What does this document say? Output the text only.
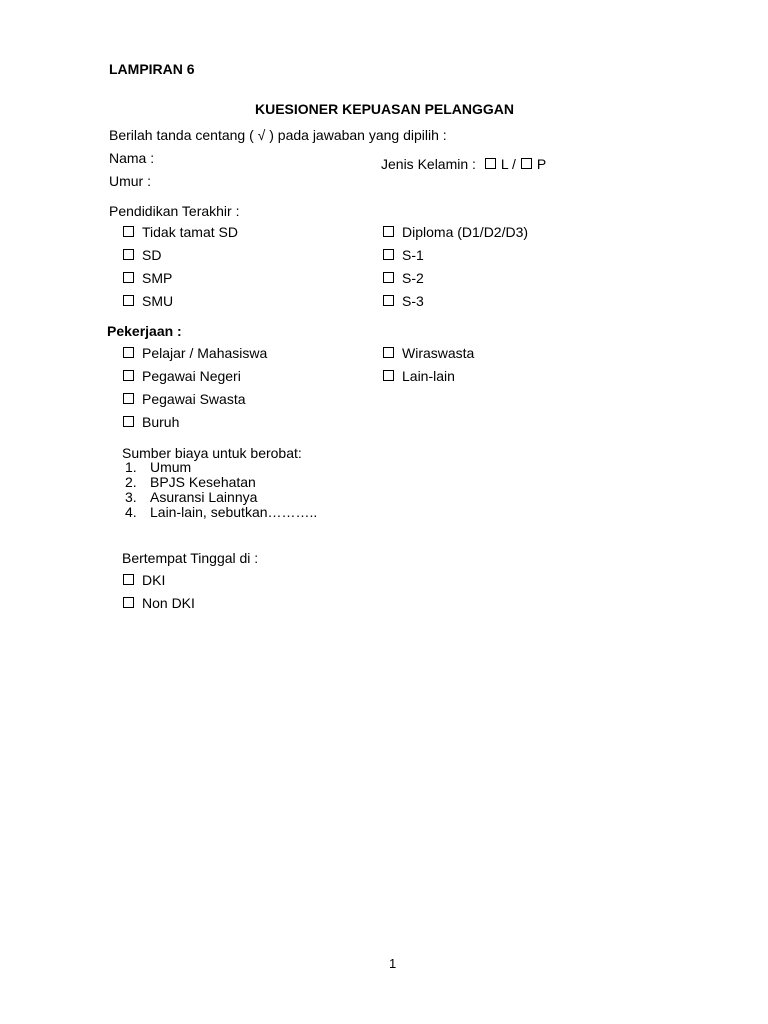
LAMPIRAN 6
KUESIONER KEPUASAN PELANGGAN
Berilah tanda centang ( √ ) pada jawaban yang dipilih :
Nama :
Umur :
Jenis Kelamin : L / P
Pendidikan Terakhir :
Tidak tamat SD
SD
SMP
SMU
Diploma (D1/D2/D3)
S-1
S-2
S-3
Pekerjaan :
Pelajar / Mahasiswa
Pegawai Negeri
Pegawai Swasta
Buruh
Wiraswasta
Lain-lain
Sumber biaya untuk berobat:
1. Umum
2. BPJS Kesehatan
3. Asuransi Lainnya
4. Lain-lain, sebutkan………..
Bertempat Tinggal di :
DKI
Non DKI
1
